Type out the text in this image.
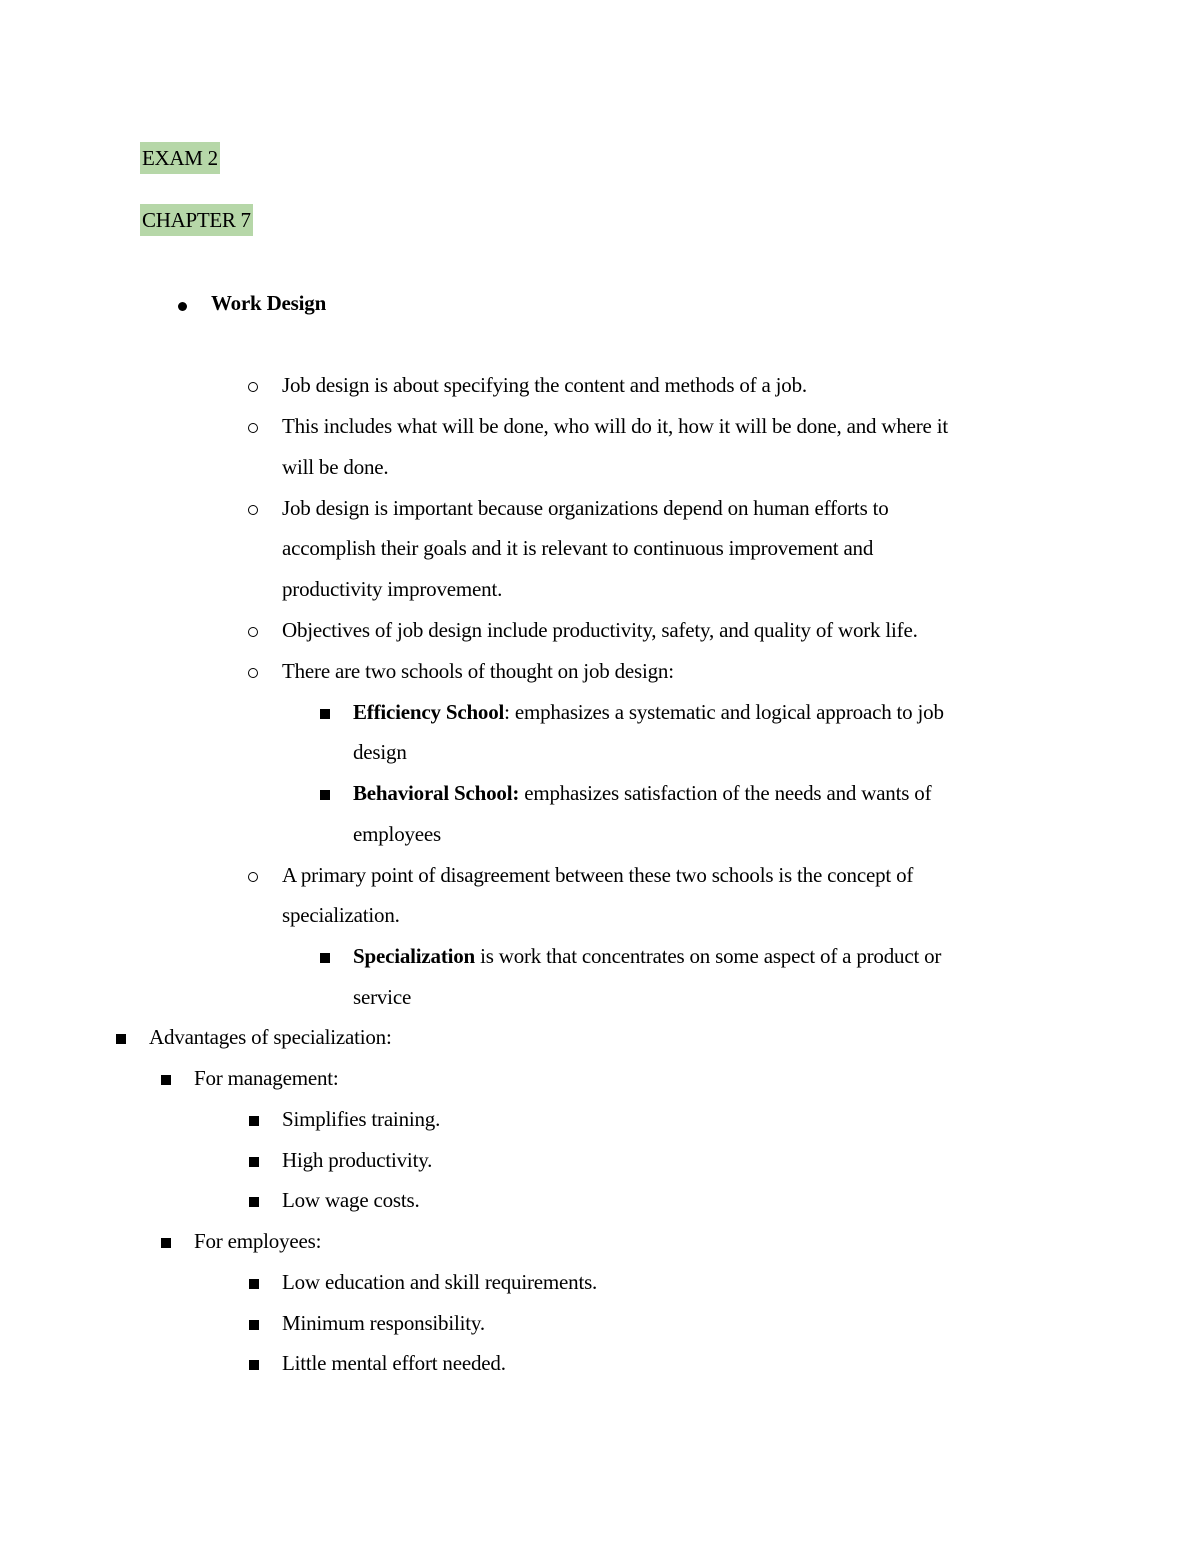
EXAM 2
CHAPTER 7
Work Design
Job design is about specifying the content and methods of a job.
This includes what will be done, who will do it, how it will be done, and where it
will be done.
Job design is important because organizations depend on human efforts to
accomplish their goals and it is relevant to continuous improvement and
productivity improvement.
Objectives of job design include productivity, safety, and quality of work life.
There are two schools of thought on job design:
Efficiency School: emphasizes a systematic and logical approach to job
design
Behavioral School: emphasizes satisfaction of the needs and wants of
employees
A primary point of disagreement between these two schools is the concept of
specialization.
Specialization is work that concentrates on some aspect of a product or
service
Advantages of specialization:
For management:
Simplifies training.
High productivity.
Low wage costs.
For employees:
Low education and skill requirements.
Minimum responsibility.
Little mental effort needed.
